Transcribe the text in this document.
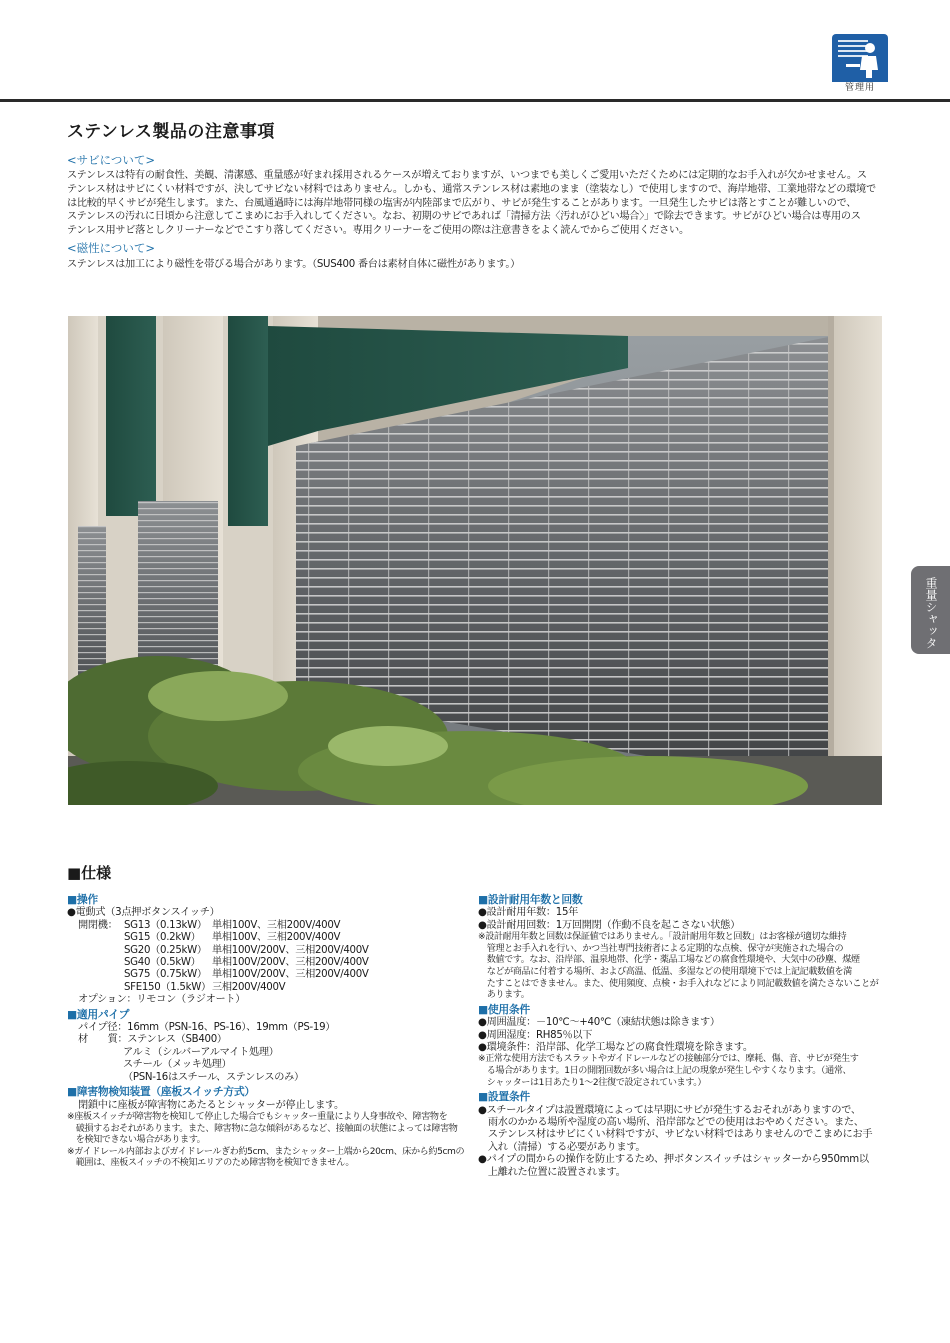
管理用
重量シャッター
ステンレス製品の注意事項
<サビについて>
ステンレスは特有の耐食性、美観、清潔感、重量感が好まれ採用されるケースが増えておりますが、いつまでも美しくご愛用いただくためには定期的なお手入れが欠かせません。ス
テンレス材はサビにくい材料ですが、決してサビない材料ではありません。しかも、通常ステンレス材は素地のまま（塗装なし）で使用しますので、海岸地帯、工業地帯などの環境で
は比較的早くサビが発生します。また、台風通過時には海岸地帯同様の塩害が内陸部まで広がり、サビが発生することがあります。一旦発生したサビは落とすことが難しいので、
ステンレスの汚れに日頃から注意してこまめにお手入れしてください。なお、初期のサビであれば「清掃方法〈汚れがひどい場合〉」で除去できます。サビがひどい場合は専用のス
テンレス用サビ落としクリーナーなどでこすり落してください。専用クリーナーをご使用の際は注意書きをよく読んでからご使用ください。
<磁性について>
ステンレスは加工により磁性を帯びる場合があります。（SUS400 番台は素材自体に磁性があります。）
■仕様
■操作
●電動式（3点押ボタンスイッチ）
開閉機： SG13（0.13kW） 単相100V、三相200V/400V
SG15（0.2kW） 単相100V、三相200V/400V
SG20（0.25kW） 単相100V/200V、三相200V/400V
SG40（0.5kW） 単相100V/200V、三相200V/400V
SG75（0.75kW） 単相100V/200V、三相200V/400V
SFE150（1.5kW）三相200V/400V
オプション：リモコン（ラジオート）
■適用パイプ
パイプ径：16mm（PSN-16、PS-16）、19mm（PS-19）
材　　質：ステンレス（SB400）
アルミ（シルバーアルマイト処理）
スチール（メッキ処理）
（PSN-16はスチール、ステンレスのみ）
■障害物検知装置（座板スイッチ方式）
閉鎖中に座板が障害物にあたるとシャッターが停止します。
※座板スイッチが障害物を検知して停止した場合でもシャッター重量により人身事故や、障害物を
　破損するおそれがあります。また、障害物に急な傾斜があるなど、接触面の状態によっては障害物
　を検知できない場合があります。
※ガイドレール内部およびガイドレールぎわ約5cm、またシャッター上端から20cm、床から約5cmの
　範囲は、座板スイッチの不検知エリアのため障害物を検知できません。
■設計耐用年数と回数
●設計耐用年数：15年
●設計耐用回数：1万回開閉（作動不良を起こさない状態）
※設計耐用年数と回数は保証値ではありません。「設計耐用年数と回数」はお客様が適切な維持
　管理とお手入れを行い、かつ当社専門技術者による定期的な点検、保守が実施された場合の
　数値です。なお、沿岸部、温泉地帯、化学・薬品工場などの腐食性環境や、大気中の砂塵、煤煙
　などが商品に付着する場所、および高温、低温、多湿などの使用環境下では上記記載数値を満
　たすことはできません。また、使用頻度、点検・お手入れなどにより同記載数値を満たさないことが
　あります。
■使用条件
●周囲温度：－10℃～+40℃（凍結状態は除きます）
●周囲湿度：RH85％以下
●環境条件：沿岸部、化学工場などの腐食性環境を除きます。
※正常な使用方法でもスラットやガイドレールなどの接触部分では、摩耗、傷、音、サビが発生す
　る場合があります。1日の開閉回数が多い場合は上記の現象が発生しやすくなります。（通常、
　シャッターは1日あたり1～2往復で設定されています。）
■設置条件
●スチールタイプは設置環境によっては早期にサビが発生するおそれがありますので、
　雨水のかかる場所や湿度の高い場所、沿岸部などでの使用はおやめください。また、
　ステンレス材はサビにくい材料ですが、サビない材料ではありませんのでこまめにお手
　入れ（清掃）する必要があります。
●パイプの間からの操作を防止するため、押ボタンスイッチはシャッターから950mm以
　上離れた位置に設置されます。
